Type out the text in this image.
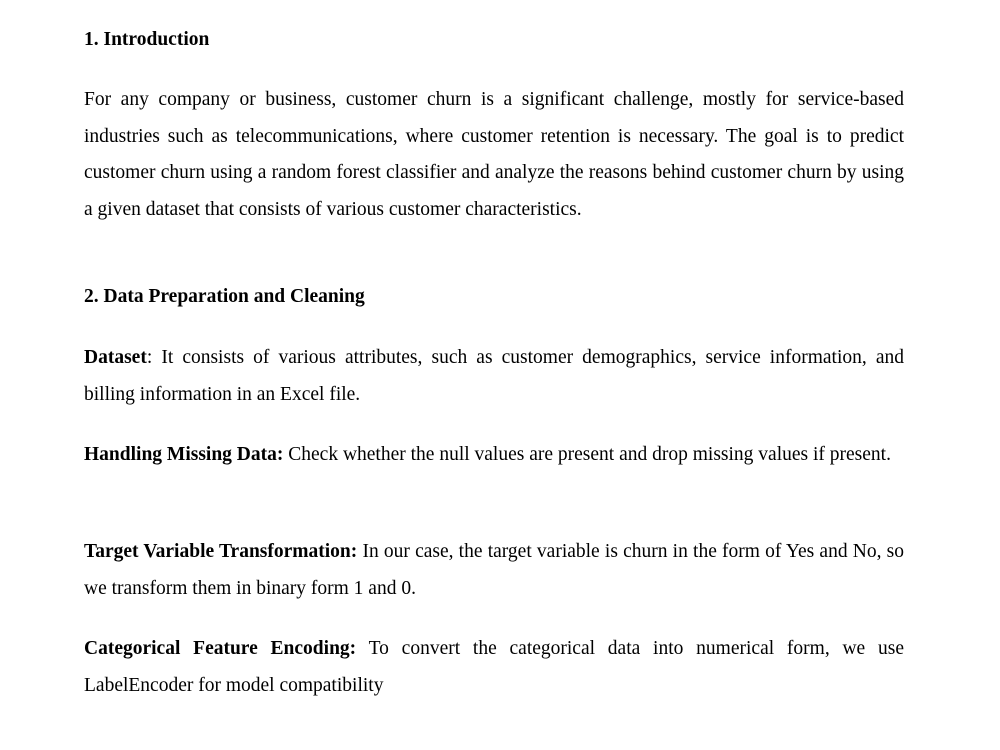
1. Introduction

For any company or business, customer churn is a significant challenge, mostly for service-based industries such as telecommunications, where customer retention is necessary. The goal is to predict customer churn using a random forest classifier and analyze the reasons behind customer churn by using a given dataset that consists of various customer characteristics.

2. Data Preparation and Cleaning

Dataset: It consists of various attributes, such as customer demographics, service information, and billing information in an Excel file.

Handling Missing Data: Check whether the null values are present and drop missing values if present.

Target Variable Transformation: In our case, the target variable is churn in the form of Yes and No, so we transform them in binary form 1 and 0.

Categorical Feature Encoding: To convert the categorical data into numerical form, we use LabelEncoder for model compatibility
